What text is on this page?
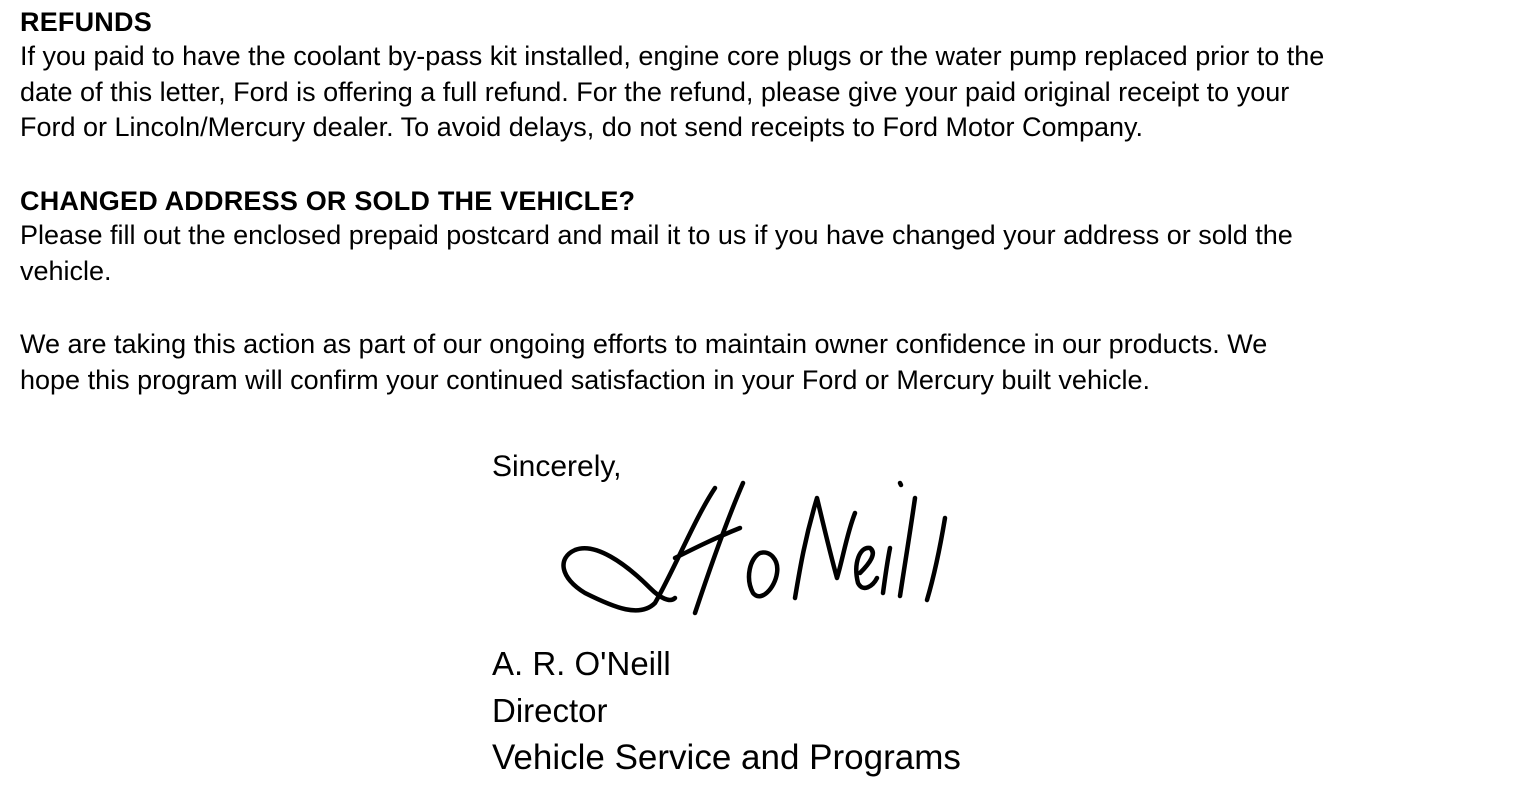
REFUNDS
If you paid to have the coolant by-pass kit installed, engine core plugs or the water pump replaced prior to the
date of this letter, Ford is offering a full refund. For the refund, please give your paid original receipt to your
Ford or Lincoln/Mercury dealer. To avoid delays, do not send receipts to Ford Motor Company.
CHANGED ADDRESS OR SOLD THE VEHICLE?
Please fill out the enclosed prepaid postcard and mail it to us if you have changed your address or sold the
vehicle.
We are taking this action as part of our ongoing efforts to maintain owner confidence in our products. We
hope this program will confirm your continued satisfaction in your Ford or Mercury built vehicle.
Sincerely,
A. R. O'Neill
Director
Vehicle Service and Programs
